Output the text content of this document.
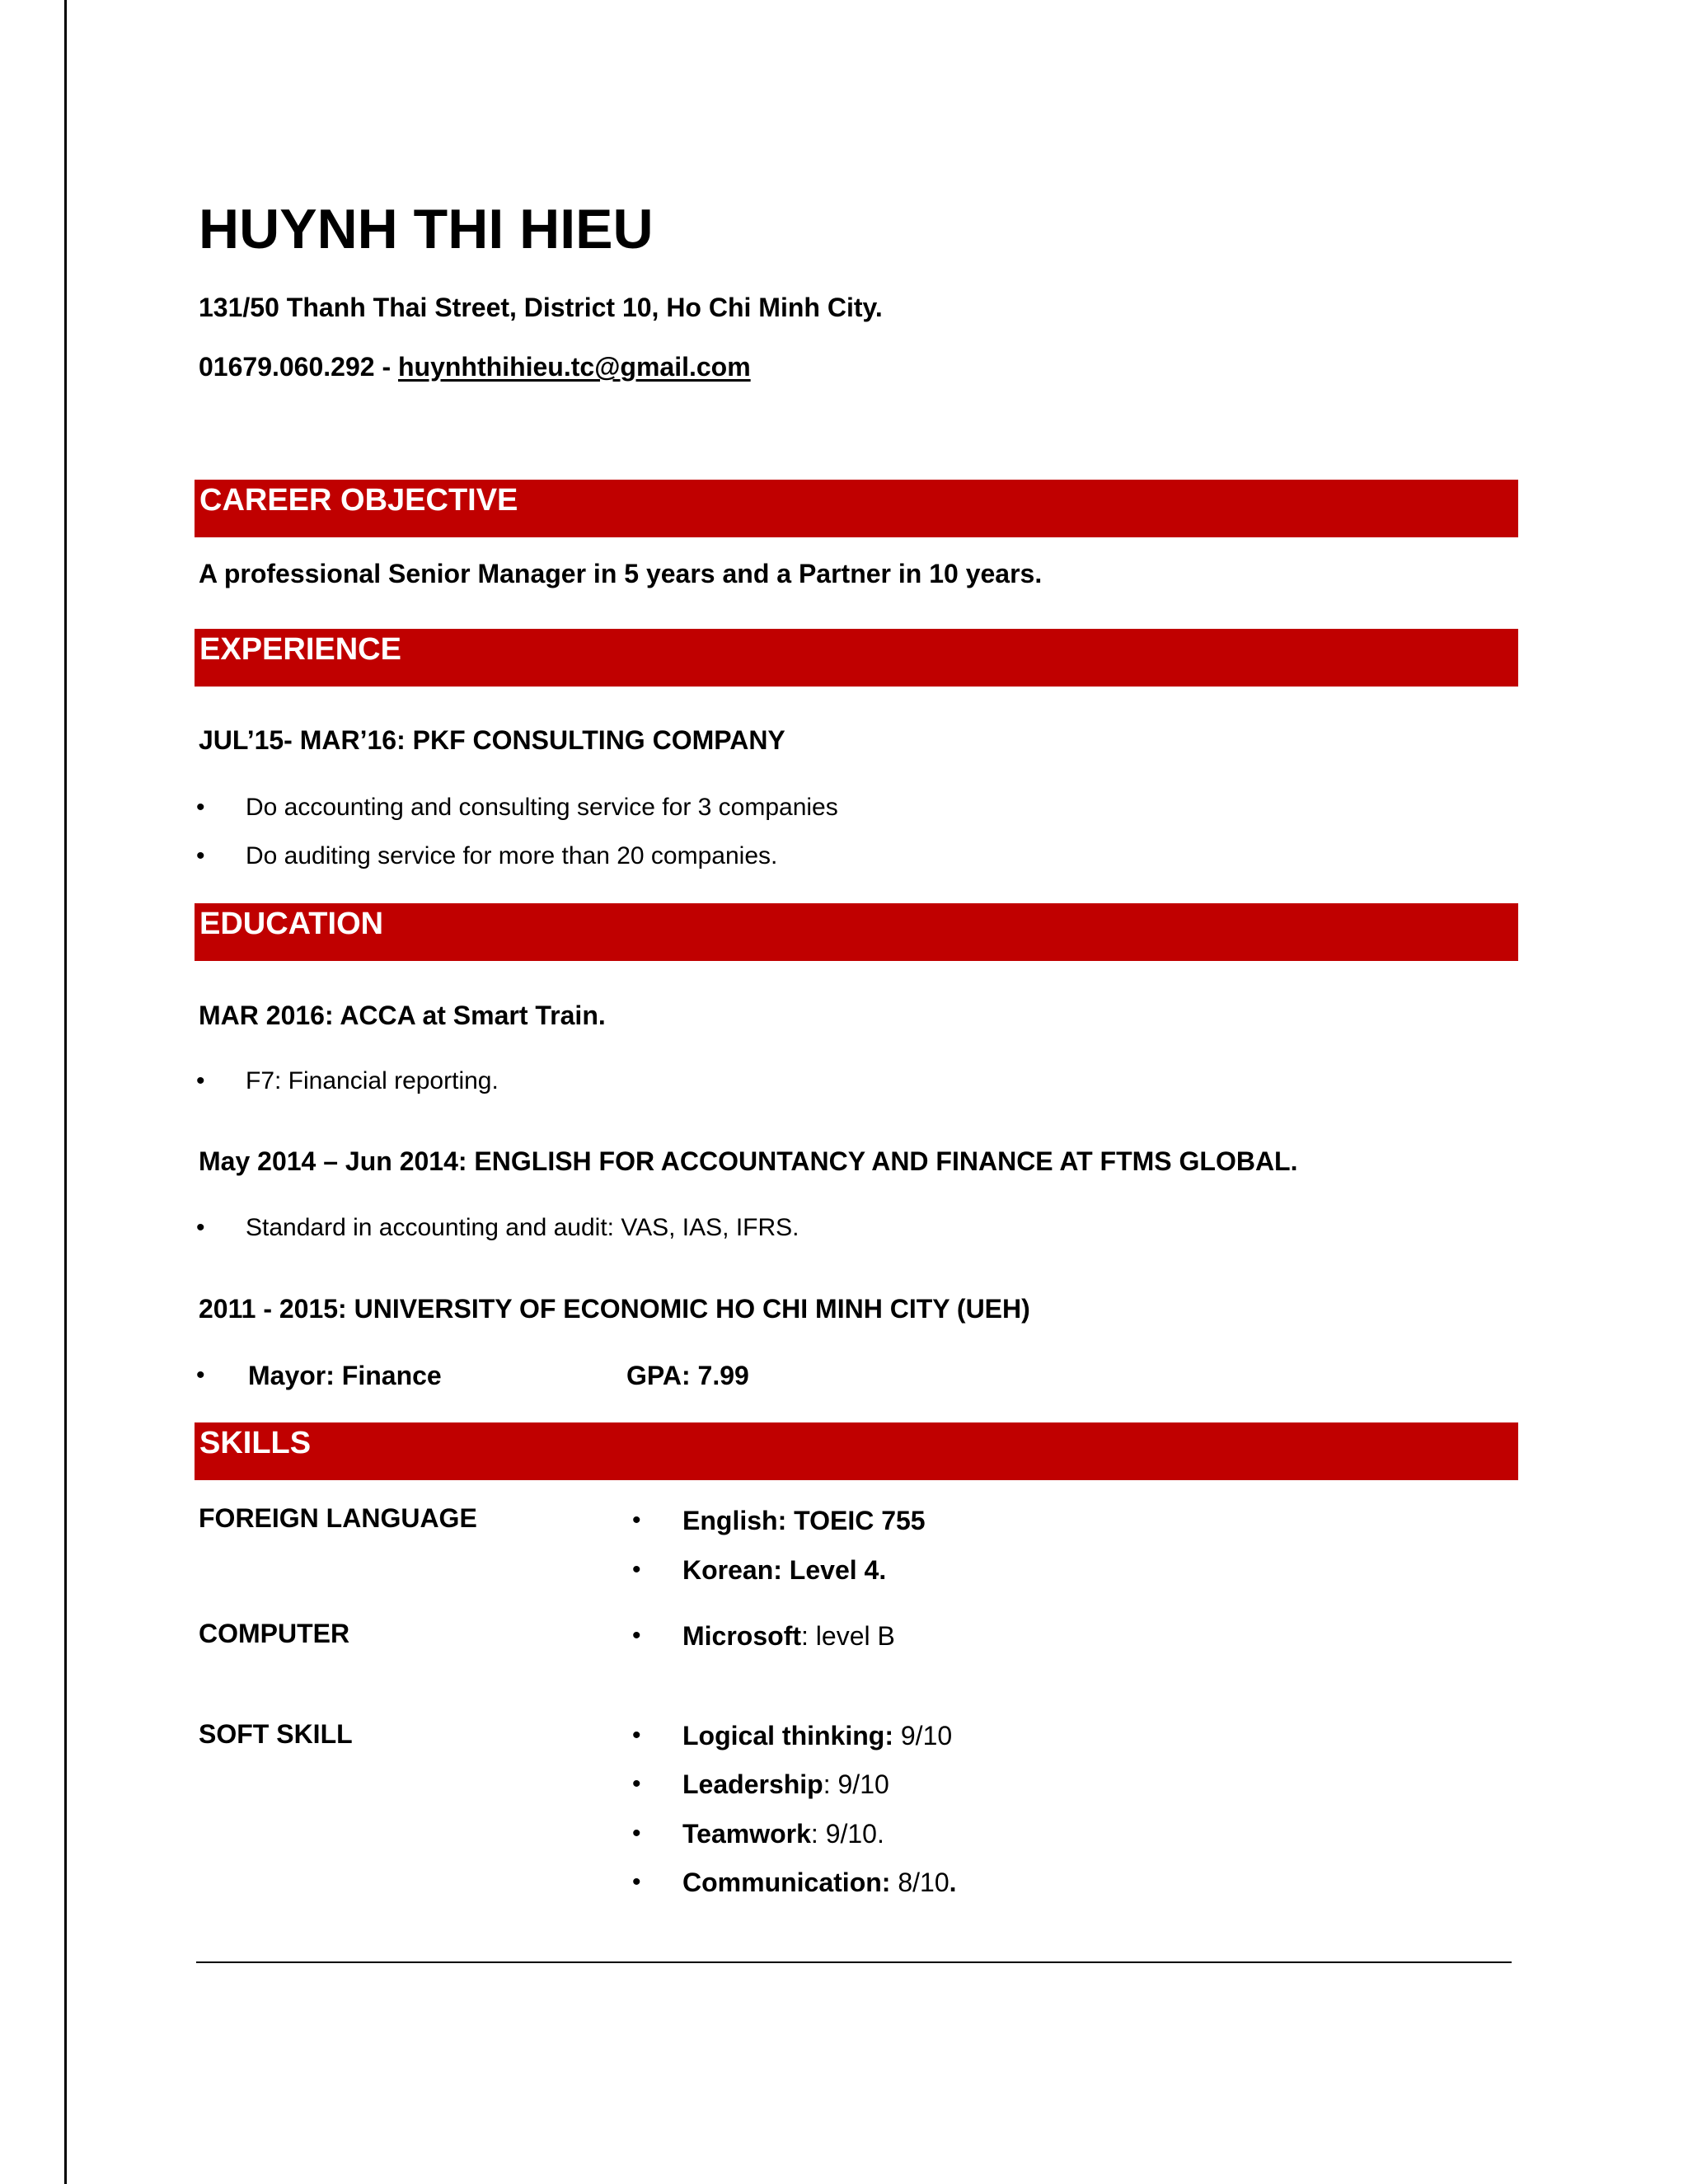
HUYNH THI HIEU
131/50 Thanh Thai Street, District 10, Ho Chi Minh City.
01679.060.292 - huynhthihieu.tc@gmail.com
CAREER OBJECTIVE
A professional Senior Manager in 5 years and a Partner in 10 years.
EXPERIENCE
JUL’15- MAR’16: PKF CONSULTING COMPANY
• Do accounting and consulting service for 3 companies
• Do auditing service for more than 20 companies.
EDUCATION
MAR 2016: ACCA at Smart Train.
• F7: Financial reporting.
May 2014 – Jun 2014: ENGLISH FOR ACCOUNTANCY AND FINANCE AT FTMS GLOBAL.
• Standard in accounting and audit: VAS, IAS, IFRS.
2011 - 2015: UNIVERSITY OF ECONOMIC HO CHI MINH CITY (UEH)
• Mayor: Finance	GPA: 7.99
SKILLS
FOREIGN LANGUAGE	• English: TOEIC 755
• Korean: Level 4.
COMPUTER	• Microsoft: level B
SOFT SKILL	• Logical thinking: 9/10
• Leadership: 9/10
• Teamwork: 9/10.
• Communication: 8/10.
